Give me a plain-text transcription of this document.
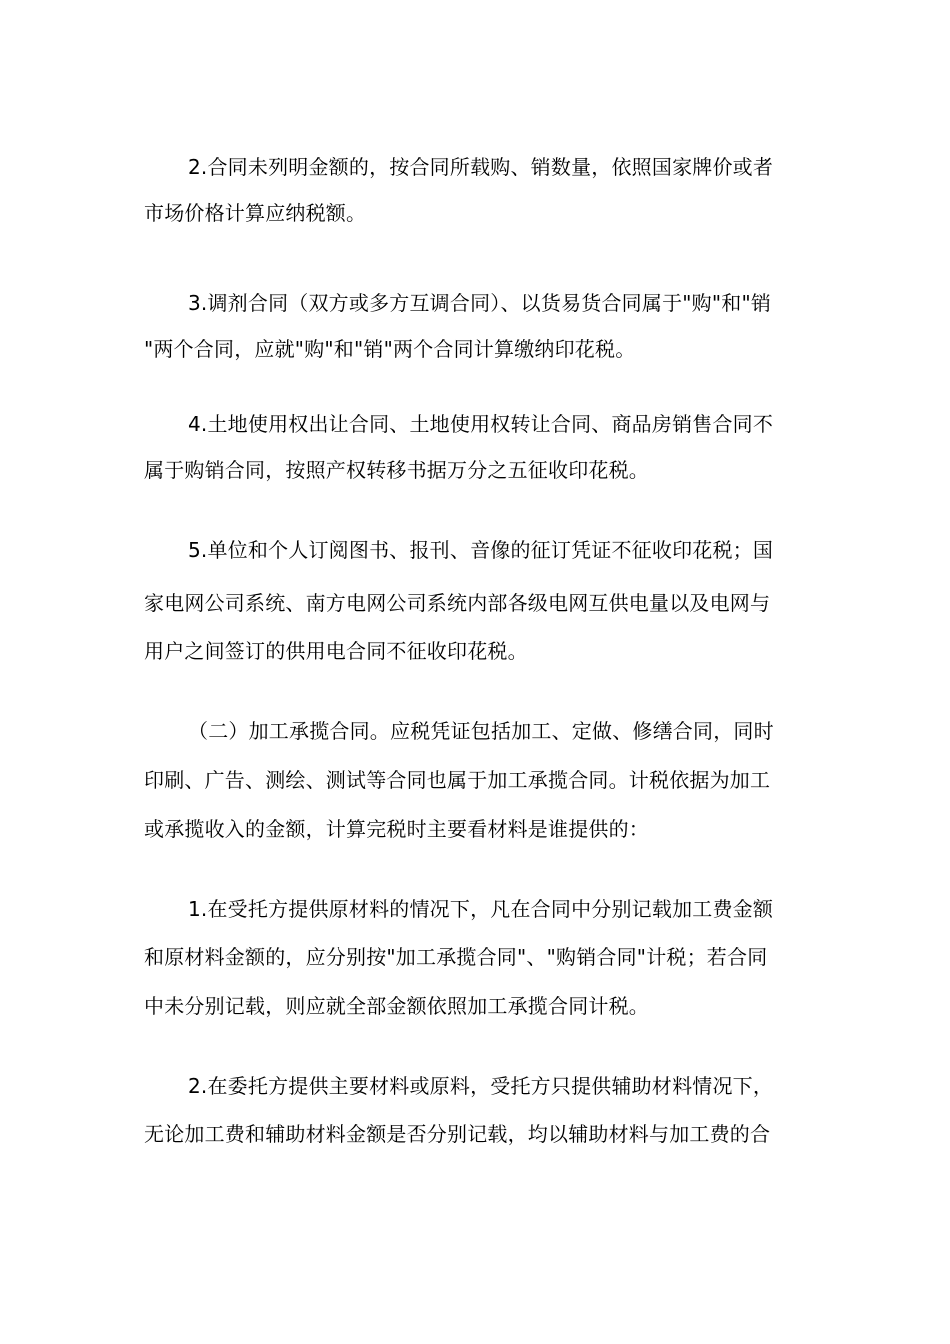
2.合同未列明金额的，按合同所载购、销数量，依照国家牌价或者

市场价格计算应纳税额。

3.调剂合同（双方或多方互调合同）、以货易货合同属于"购"和"销

"两个合同，应就"购"和"销"两个合同计算缴纳印花税。

4.土地使用权出让合同、土地使用权转让合同、商品房销售合同不

属于购销合同，按照产权转移书据万分之五征收印花税。

5.单位和个人订阅图书、报刊、音像的征订凭证不征收印花税；国

家电网公司系统、南方电网公司系统内部各级电网互供电量以及电网与

用户之间签订的供用电合同不征收印花税。

（二）加工承揽合同。应税凭证包括加工、定做、修缮合同，同时

印刷、广告、测绘、测试等合同也属于加工承揽合同。计税依据为加工

或承揽收入的金额，计算完税时主要看材料是谁提供的：

1.在受托方提供原材料的情况下，凡在合同中分别记载加工费金额

和原材料金额的，应分别按"加工承揽合同"、"购销合同"计税；若合同

中未分别记载，则应就全部金额依照加工承揽合同计税。

2.在委托方提供主要材料或原料，受托方只提供辅助材料情况下，

无论加工费和辅助材料金额是否分别记载，均以辅助材料与加工费的合
